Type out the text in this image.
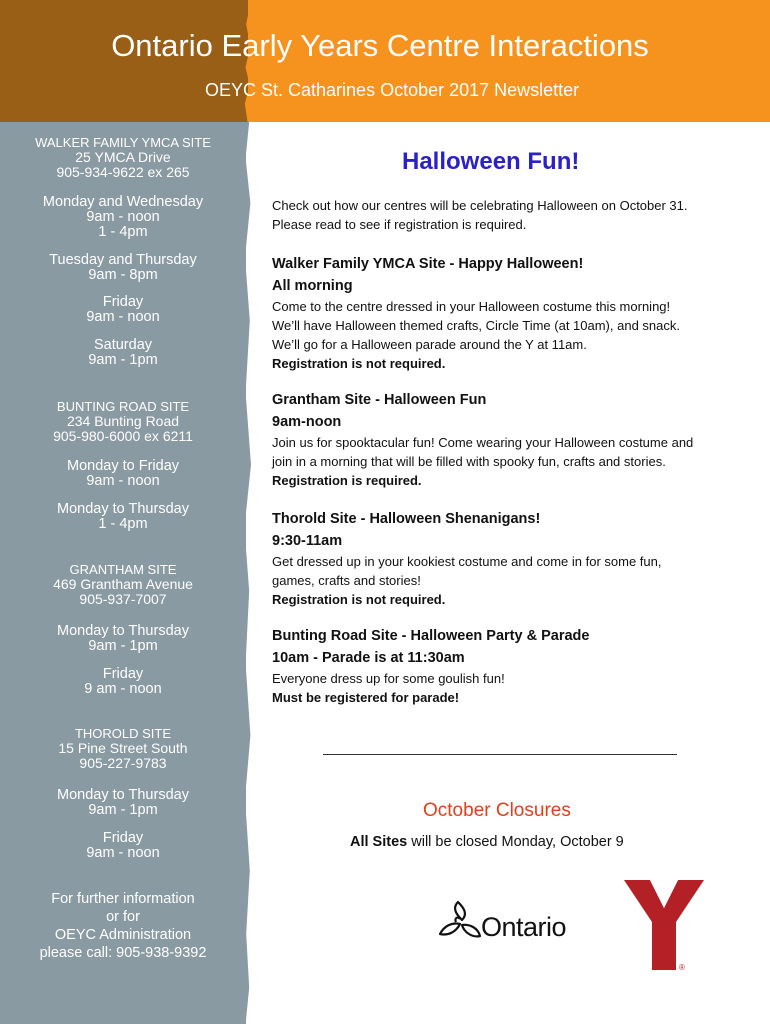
Ontario Early Years Centre Interactions
OEYC St. Catharines October 2017 Newsletter
WALKER FAMILY YMCA SITE
25 YMCA Drive
905-934-9622 ex 265
Monday and Wednesday
9am - noon
1 - 4pm
Tuesday and Thursday
9am - 8pm
Friday
9am - noon
Saturday
9am - 1pm
BUNTING ROAD SITE
234 Bunting Road
905-980-6000 ex 6211
Monday to Friday
9am - noon
Monday to Thursday
1 - 4pm
GRANTHAM SITE
469 Grantham Avenue
905-937-7007
Monday to Thursday
9am - 1pm
Friday
9 am - noon
THOROLD SITE
15 Pine Street South
905-227-9783
Monday to Thursday
9am - 1pm
Friday
9am - noon
For further information
or for
OEYC Administration
please call: 905-938-9392
Halloween Fun!
Check out how our centres will be celebrating Halloween on October 31.
Please read to see if registration is required.
Walker Family YMCA Site - Happy Halloween!
All morning
Come to the centre dressed in your Halloween costume this morning!
We’ll have Halloween themed crafts, Circle Time (at 10am), and snack.
We’ll go for a Halloween parade around the Y at 11am.
Registration is not required.
Grantham Site - Halloween Fun
9am-noon
Join us for spooktacular fun! Come wearing your Halloween costume and
join in a morning that will be filled with spooky fun, crafts and stories.
Registration is required.
Thorold Site - Halloween Shenanigans!
9:30-11am
Get dressed up in your kookiest costume and come in for some fun,
games, crafts and stories!
Registration is not required.
Bunting Road Site - Halloween Party & Parade
10am - Parade is at 11:30am
Everyone dress up for some goulish fun!
Must be registered for parade!
October Closures
All Sites will be closed Monday, October 9
Ontario
®
